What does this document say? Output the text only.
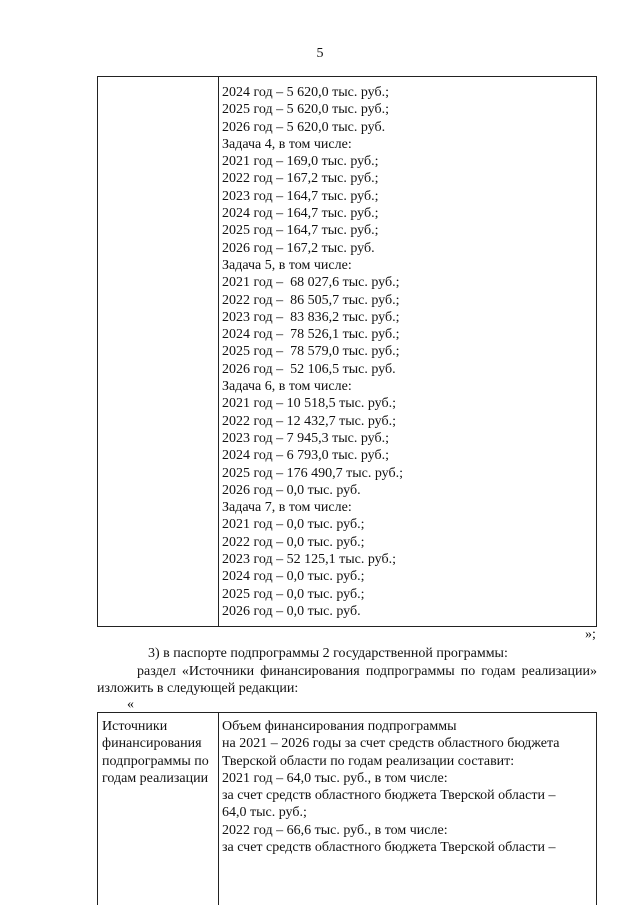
5

2024 год – 5 620,0 тыс. руб.;

2025 год – 5 620,0 тыс. руб.;

2026 год – 5 620,0 тыс. руб.

Задача 4, в том числе:

2021 год – 169,0 тыс. руб.;

2022 год – 167,2 тыс. руб.;

2023 год – 164,7 тыс. руб.;

2024 год – 164,7 тыс. руб.;

2025 год – 164,7 тыс. руб.;

2026 год – 167,2 тыс. руб.

Задача 5, в том числе:

2021 год –  68 027,6 тыс. руб.;

2022 год –  86 505,7 тыс. руб.;

2023 год –  83 836,2 тыс. руб.;

2024 год –  78 526,1 тыс. руб.;

2025 год –  78 579,0 тыс. руб.;

2026 год –  52 106,5 тыс. руб.

Задача 6, в том числе:

2021 год – 10 518,5 тыс. руб.;

2022 год – 12 432,7 тыс. руб.;

2023 год – 7 945,3 тыс. руб.;

2024 год – 6 793,0 тыс. руб.;

2025 год – 176 490,7 тыс. руб.;

2026 год – 0,0 тыс. руб.

Задача 7, в том числе:

2021 год – 0,0 тыс. руб.;

2022 год – 0,0 тыс. руб.;

2023 год – 52 125,1 тыс. руб.;

2024 год – 0,0 тыс. руб.;

2025 год – 0,0 тыс. руб.;

2026 год – 0,0 тыс. руб.

»;

3) в паспорте подпрограммы 2 государственной программы:

раздел «Источники финансирования подпрограммы по годам реализации» изложить в следующей редакции:

«

Источники

финансирования

подпрограммы по

годам реализации

Объем финансирования подпрограммы

на 2021 – 2026 годы за счет средств областного бюджета

Тверской области по годам реализации составит:

2021 год – 64,0 тыс. руб., в том числе:

за счет средств областного бюджета Тверской области –

64,0 тыс. руб.;

2022 год – 66,6 тыс. руб., в том числе:

за счет средств областного бюджета Тверской области –
